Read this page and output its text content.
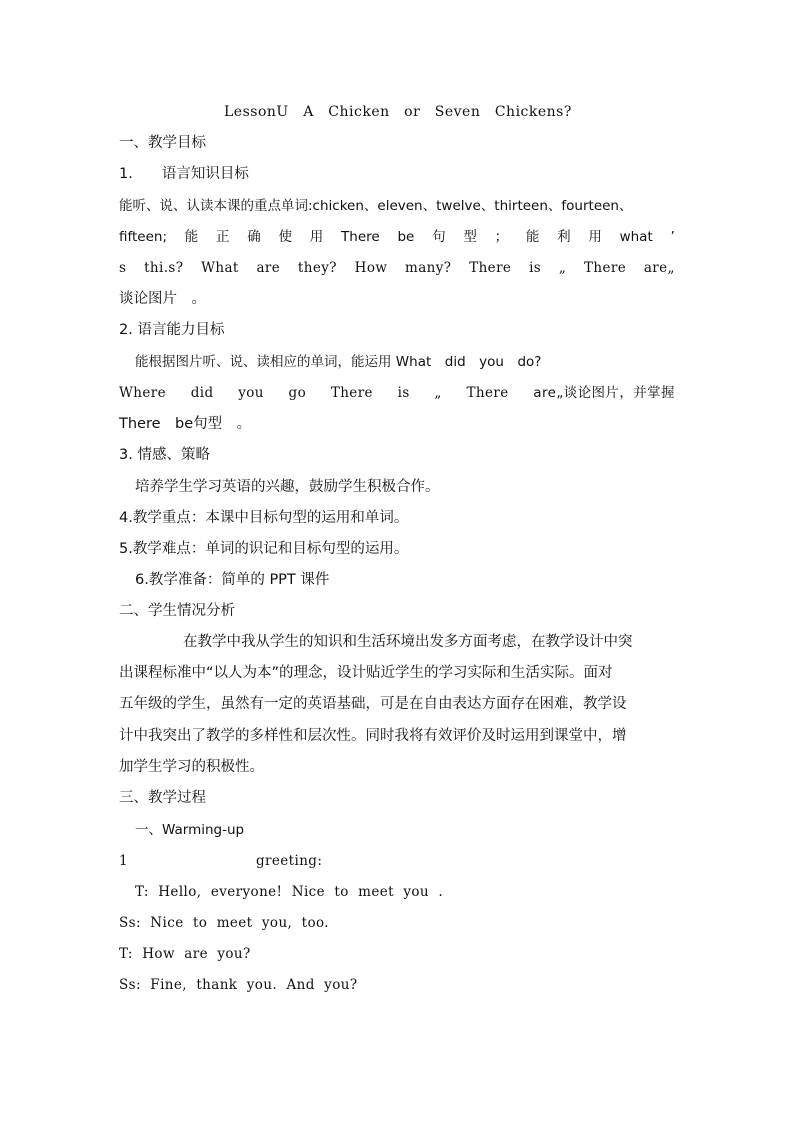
LessonU　A　Chicken　or　Seven　Chickens?
一、教学目标
1.　　语言知识目标
能听、说、认读本课的重点单词:chicken、eleven、twelve、thirteen、fourteen、
fifteen; 能 正 确 使 用 There be 句 型 ； 能 利 用 what ’
s thi.s? What are they? How many? There is „ There are„
谈论图片　。
2. 语言能力目标
能根据图片听、说、读相应的单词，能运用 What　did　you　do?
Where did you go There is „ There are„谈论图片，并掌握
There　be句型　。
3. 情感、策略
培养学生学习英语的兴趣，鼓励学生积极合作。
4.教学重点：本课中目标句型的运用和单词。
5.教学难点：单词的识记和目标句型的运用。
6.教学准备：简单的 PPT 课件
二、学生情况分析
在教学中我从学生的知识和生活环境出发多方面考虑，在教学设计中突
出课程标准中“以人为本”的理念，设计贴近学生的学习实际和生活实际。面对
五年级的学生，虽然有一定的英语基础，可是在自由表达方面存在困难，教学设
计中我突出了教学的多样性和层次性。同时我将有效评价及时运用到课堂中，增
加学生学习的积极性。
三、教学过程
一、Warming-up
1	greeting:
T:  Hello,  everyone!  Nice  to  meet  you  .
Ss:  Nice  to  meet  you,  too.
T:  How  are  you?
Ss:  Fine,  thank  you.  And  you?
